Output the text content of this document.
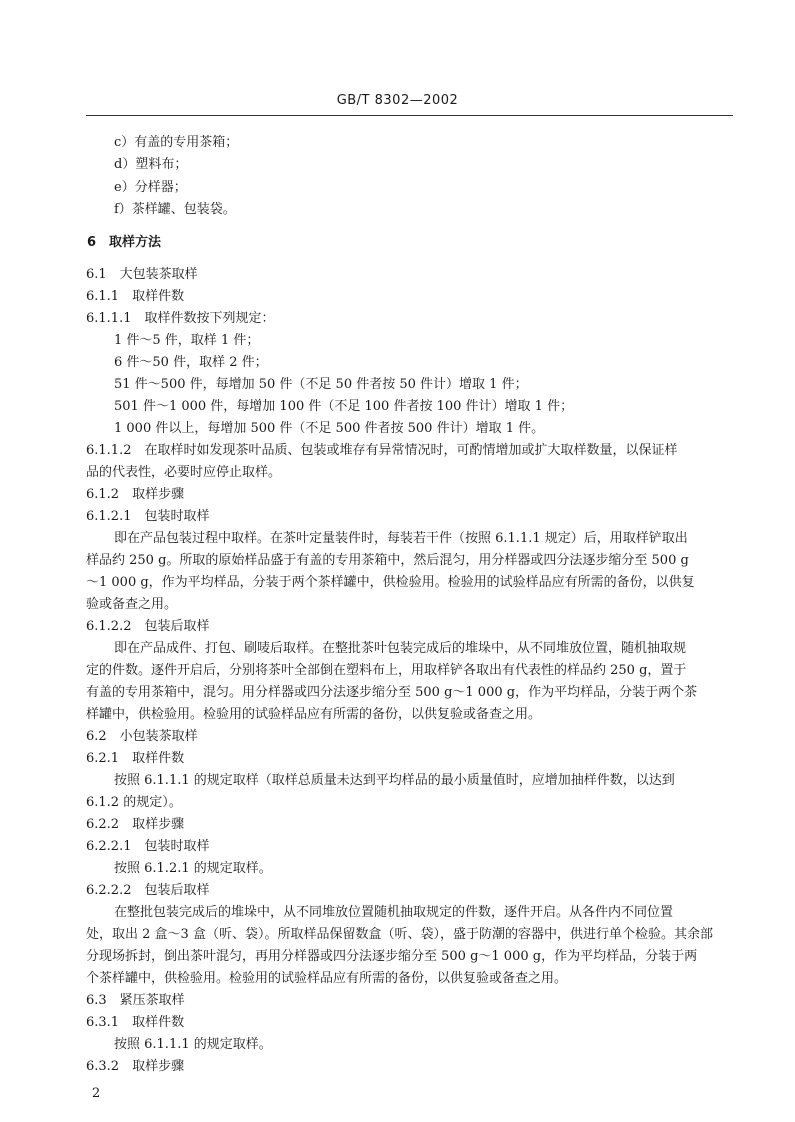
GB/T 8302—2002
c）有盖的专用茶箱；
d）塑料布；
e）分样器；
f）茶样罐、包装袋。
6　取样方法
6.1　大包装茶取样
6.1.1　取样件数
6.1.1.1　取样件数按下列规定：
1 件～5 件，取样 1 件；
6 件～50 件，取样 2 件；
51 件～500 件，每增加 50 件（不足 50 件者按 50 件计）增取 1 件；
501 件～1 000 件，每增加 100 件（不足 100 件者按 100 件计）增取 1 件；
1 000 件以上，每增加 500 件（不足 500 件者按 500 件计）增取 1 件。
6.1.1.2　在取样时如发现茶叶品质、包装或堆存有异常情况时，可酌情增加或扩大取样数量，以保证样
品的代表性，必要时应停止取样。
6.1.2　取样步骤
6.1.2.1　包装时取样
即在产品包装过程中取样。在茶叶定量装件时，每装若干件（按照 6.1.1.1 规定）后，用取样铲取出
样品约 250 g。所取的原始样品盛于有盖的专用茶箱中，然后混匀，用分样器或四分法逐步缩分至 500 g
～1 000 g，作为平均样品，分装于两个茶样罐中，供检验用。检验用的试验样品应有所需的备份，以供复
验或备查之用。
6.1.2.2　包装后取样
即在产品成件、打包、刷唛后取样。在整批茶叶包装完成后的堆垛中，从不同堆放位置，随机抽取规
定的件数。逐件开启后，分别将茶叶全部倒在塑料布上，用取样铲各取出有代表性的样品约 250 g，置于
有盖的专用茶箱中，混匀。用分样器或四分法逐步缩分至 500 g～1 000 g，作为平均样品，分装于两个茶
样罐中，供检验用。检验用的试验样品应有所需的备份，以供复验或备查之用。
6.2　小包装茶取样
6.2.1　取样件数
按照 6.1.1.1 的规定取样（取样总质量未达到平均样品的最小质量值时，应增加抽样件数，以达到
6.1.2 的规定）。
6.2.2　取样步骤
6.2.2.1　包装时取样
按照 6.1.2.1 的规定取样。
6.2.2.2　包装后取样
在整批包装完成后的堆垛中，从不同堆放位置随机抽取规定的件数，逐件开启。从各件内不同位置
处，取出 2 盒～3 盒（听、袋）。所取样品保留数盒（听、袋），盛于防潮的容器中，供进行单个检验。其余部
分现场拆封，倒出茶叶混匀，再用分样器或四分法逐步缩分至 500 g～1 000 g，作为平均样品，分装于两
个茶样罐中，供检验用。检验用的试验样品应有所需的备份，以供复验或备查之用。
6.3　紧压茶取样
6.3.1　取样件数
按照 6.1.1.1 的规定取样。
6.3.2　取样步骤
2
